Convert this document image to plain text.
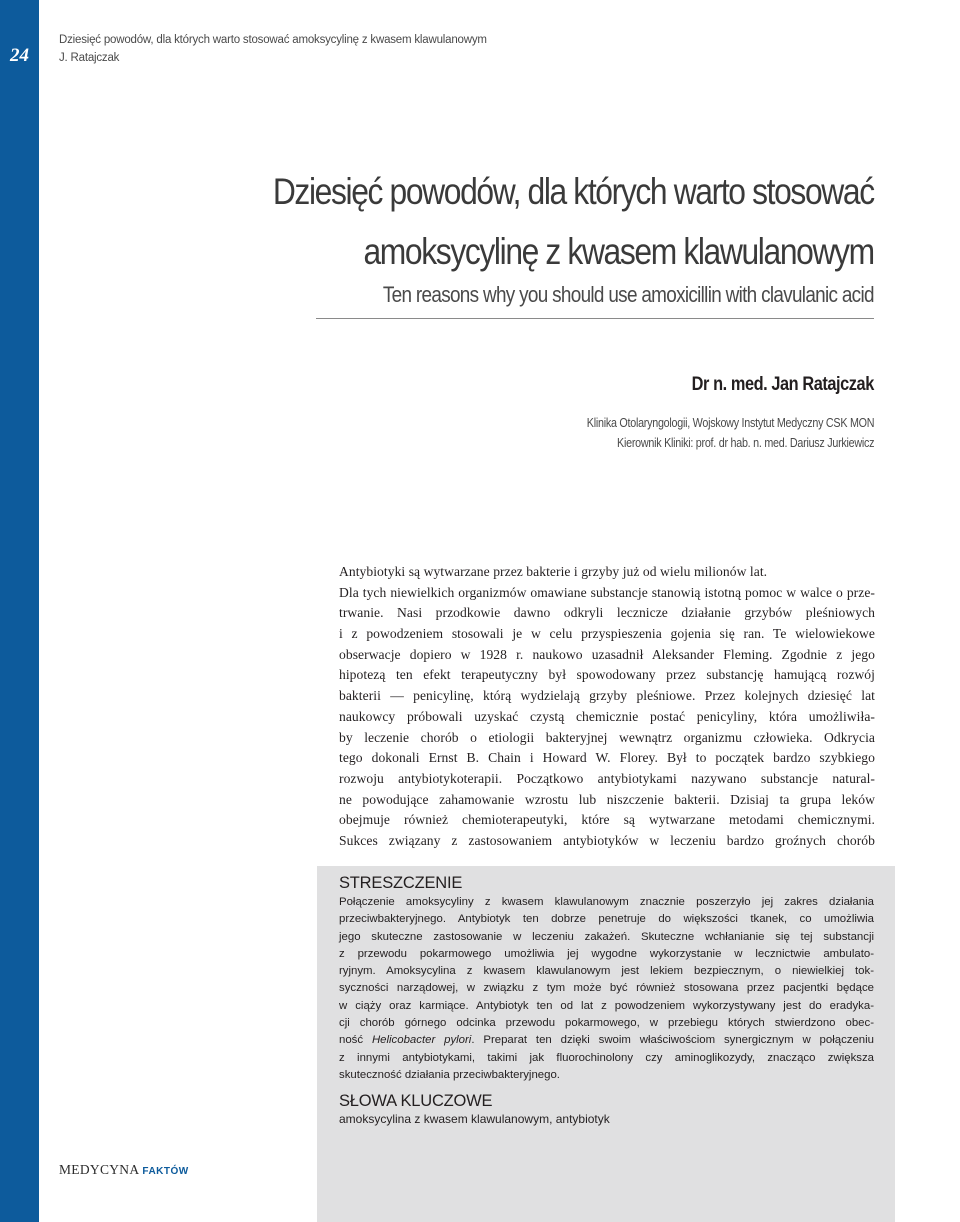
24
Dziesięć powodów, dla których warto stosować amoksycylinę z kwasem klawulanowym
J. Ratajczak
Dziesięć powodów, dla których warto stosować
amoksycylinę z kwasem klawulanowym
Ten reasons why you should use amoxicillin with clavulanic acid
Dr n. med. Jan Ratajczak
Klinika Otolaryngologii, Wojskowy Instytut Medyczny CSK MON
Kierownik Kliniki: prof. dr hab. n. med. Dariusz Jurkiewicz
Antybiotyki są wytwarzane przez bakterie i grzyby już od wielu milionów lat.
Dla tych niewielkich organizmów omawiane substancje stanowią istotną pomoc w walce o prze-
trwanie. Nasi przodkowie dawno odkryli lecznicze działanie grzybów pleśniowych
i z powodzeniem stosowali je w celu przyspieszenia gojenia się ran. Te wielowiekowe
obserwacje dopiero w 1928 r. naukowo uzasadnił Aleksander Fleming. Zgodnie z jego
hipotezą ten efekt terapeutyczny był spowodowany przez substancję hamującą rozwój
bakterii — penicylinę, którą wydzielają grzyby pleśniowe. Przez kolejnych dziesięć lat
naukowcy próbowali uzyskać czystą chemicznie postać penicyliny, która umożliwiła-
by leczenie chorób o etiologii bakteryjnej wewnątrz organizmu człowieka. Odkrycia
tego dokonali Ernst B. Chain i Howard W. Florey. Był to początek bardzo szybkiego
rozwoju antybiotykoterapii. Początkowo antybiotykami nazywano substancje natural-
ne powodujące zahamowanie wzrostu lub niszczenie bakterii. Dzisiaj ta grupa leków
obejmuje również chemioterapeutyki, które są wytwarzane metodami chemicznymi.
Sukces związany z zastosowaniem antybiotyków w leczeniu bardzo groźnych chorób
STRESZCZENIE
Połączenie amoksycyliny z kwasem klawulanowym znacznie poszerzyło jej zakres działania
przeciwbakteryjnego. Antybiotyk ten dobrze penetruje do większości tkanek, co umożliwia
jego skuteczne zastosowanie w leczeniu zakażeń. Skuteczne wchłanianie się tej substancji
z przewodu pokarmowego umożliwia jej wygodne wykorzystanie w lecznictwie ambulato-
ryjnym. Amoksycylina z kwasem klawulanowym jest lekiem bezpiecznym, o niewielkiej tok-
syczności narządowej, w związku z tym może być również stosowana przez pacjentki będące
w ciąży oraz karmiące. Antybiotyk ten od lat z powodzeniem wykorzystywany jest do eradyka-
cji chorób górnego odcinka przewodu pokarmowego, w przebiegu których stwierdzono obec-
ność Helicobacter pylori. Preparat ten dzięki swoim właściwościom synergicznym w połączeniu
z innymi antybiotykami, takimi jak fluorochinolony czy aminoglikozydy, znacząco zwiększa
skuteczność działania przeciwbakteryjnego.
SŁOWA KLUCZOWE
amoksycylina z kwasem klawulanowym, antybiotyk
MEDYCYNA FAKTÓW
